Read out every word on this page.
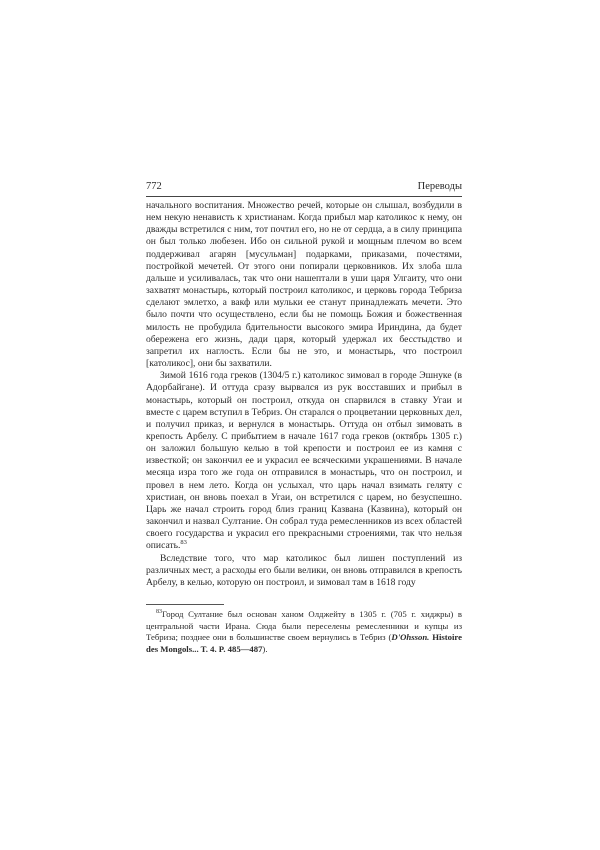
772	Переводы

начального воспитания. Множество речей, которые он слышал, возбудили в нем некую ненависть к христианам. Когда прибыл мар католикос к нему, он дважды встретился с ним, тот почтил его, но не от сердца, а в силу принципа он был только любезен. Ибо он сильной рукой и мощным плечом во всем поддерживал агарян [мусульман] подарками, приказами, почестями, постройкой мечетей. От этого они попирали церковников. Их злоба шла дальше и усиливалась, так что они нашептали в уши царя Улгаиту, что они захватят монастырь, который построил католикос, и церковь города Тебриза сделают эмлетхо, а вакф или мульки ее станут принадлежать мечети. Это было почти что осуществлено, если бы не помощь Божия и божественная милость не пробудила бдительности высокого эмира Ириндина, да будет обережена его жизнь, дади царя, который удержал их бесстыдство и запретил их наглость. Если бы не это, и монастырь, что построил [католикос], они бы захватили.

Зимой 1616 года греков (1304/5 г.) католикос зимовал в городе Эшнуке (в Адорбайгане). И оттуда сразу вырвался из рук восставших и прибыл в монастырь, который он построил, откуда он спарвился в ставку Угаи и вместе с царем вступил в Тебриз. Он старался о процветании церковных дел, и получил приказ, и вернулся в монастырь. Оттуда он отбыл зимовать в крепость Арбелу. С прибытием в начале 1617 года греков (октябрь 1305 г.) он заложил большую келью в той крепости и построил ее из камня с известкой; он закончил ее и украсил ее всяческими украшениями. В начале месяца изра того же года он отправился в монастырь, что он построил, и провел в нем лето. Когда он услыхал, что царь начал взимать геляту с христиан, он вновь поехал в Угаи, он встретился с царем, но безуспешно. Царь же начал строить город близ границ Казвана (Казвина), который он закончил и назвал Султание. Он собрал туда ремесленников из всех областей своего государства и украсил его прекрасными строениями, так что нельзя описать.$^{83}$

Вследствие того, что мар католикос был лишен поступлений из различных мест, а расходы его были велики, он вновь отправился в крепость Арбелу, в келью, которую он построил, и зимовал там в 1618 году

$^{83}$Город Султание был основан ханом Олджейту в 1305 г. (705 г. хиджры) в центральной части Ирана. Сюда были переселены ремесленники и купцы из Тебриза; позднее они в большинстве своем вернулись в Тебриз (D'Ohsson. Histoire des Mongols... T. 4. P. 485—487).
